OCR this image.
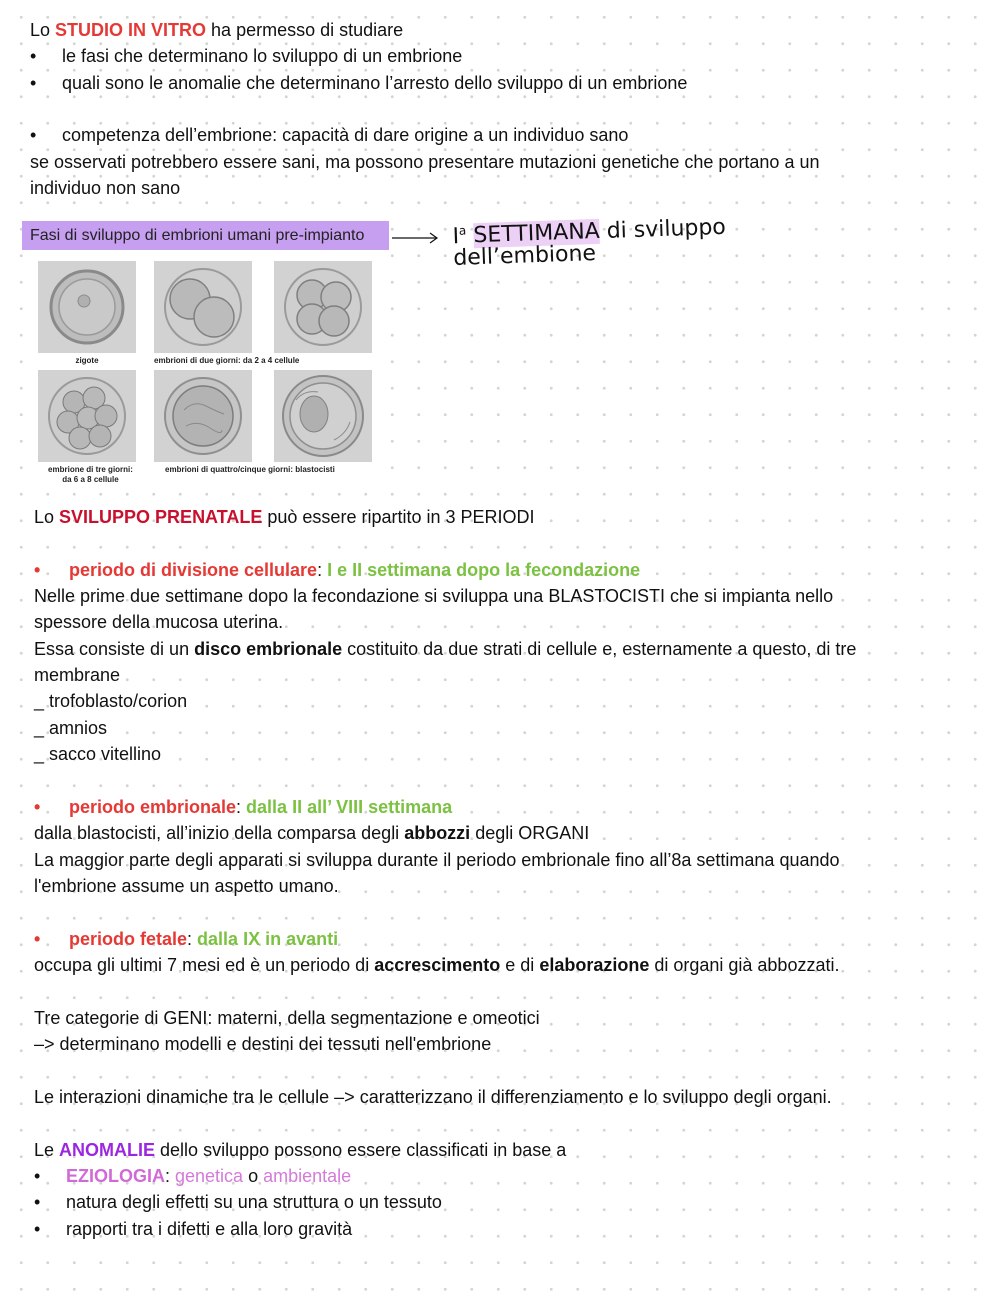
Lo STUDIO IN VITRO ha permesso di studiare
• le fasi che determinano lo sviluppo di un embrione
• quali sono le anomalie che determinano l’arresto dello sviluppo di un embrione
• competenza dell’embrione: capacità di dare origine a un individuo sano
se osservati potrebbero essere sani, ma possono presentare mutazioni genetiche che portano a un
individuo non sano
Fasi di sviluppo di embrioni umani pre-impianto	$I^a$ SETTIMANA di sviluppo
dell’embione
zigote	embrioni di due giorni: da 2 a 4 cellule
embrione di tre giorni:
da 6 a 8 cellule
embrioni di quattro/cinque giorni: blastocisti
Lo SVILUPPO PRENATALE può essere ripartito in 3 PERIODI
• periodo di divisione cellulare: I e II settimana dopo la fecondazione
Nelle prime due settimane dopo la fecondazione si sviluppa una BLASTOCISTI che si impianta nello
spessore della mucosa uterina.
Essa consiste di un disco embrionale costituito da due strati di cellule e, esternamente a questo, di tre
membrane
_ trofoblasto/corion
_ amnios
_ sacco vitellino
• periodo embrionale: dalla II all’ VIII settimana
dalla blastocisti, all’inizio della comparsa degli abbozzi degli ORGANI
La maggior parte degli apparati si sviluppa durante il periodo embrionale fino all’8a settimana quando
l'embrione assume un aspetto umano.
• periodo fetale: dalla IX in avanti
occupa gli ultimi 7 mesi ed è un periodo di accrescimento e di elaborazione di organi già abbozzati.
Tre categorie di GENI: materni, della segmentazione e omeotici
–> determinano modelli e destini dei tessuti nell'embrione
Le interazioni dinamiche tra le cellule –> caratterizzano il differenziamento e lo sviluppo degli organi.
Le ANOMALIE dello sviluppo possono essere classificati in base a
• EZIOLOGIA: genetica o ambientale
• natura degli effetti su una struttura o un tessuto
• rapporti tra i difetti e alla loro gravità
